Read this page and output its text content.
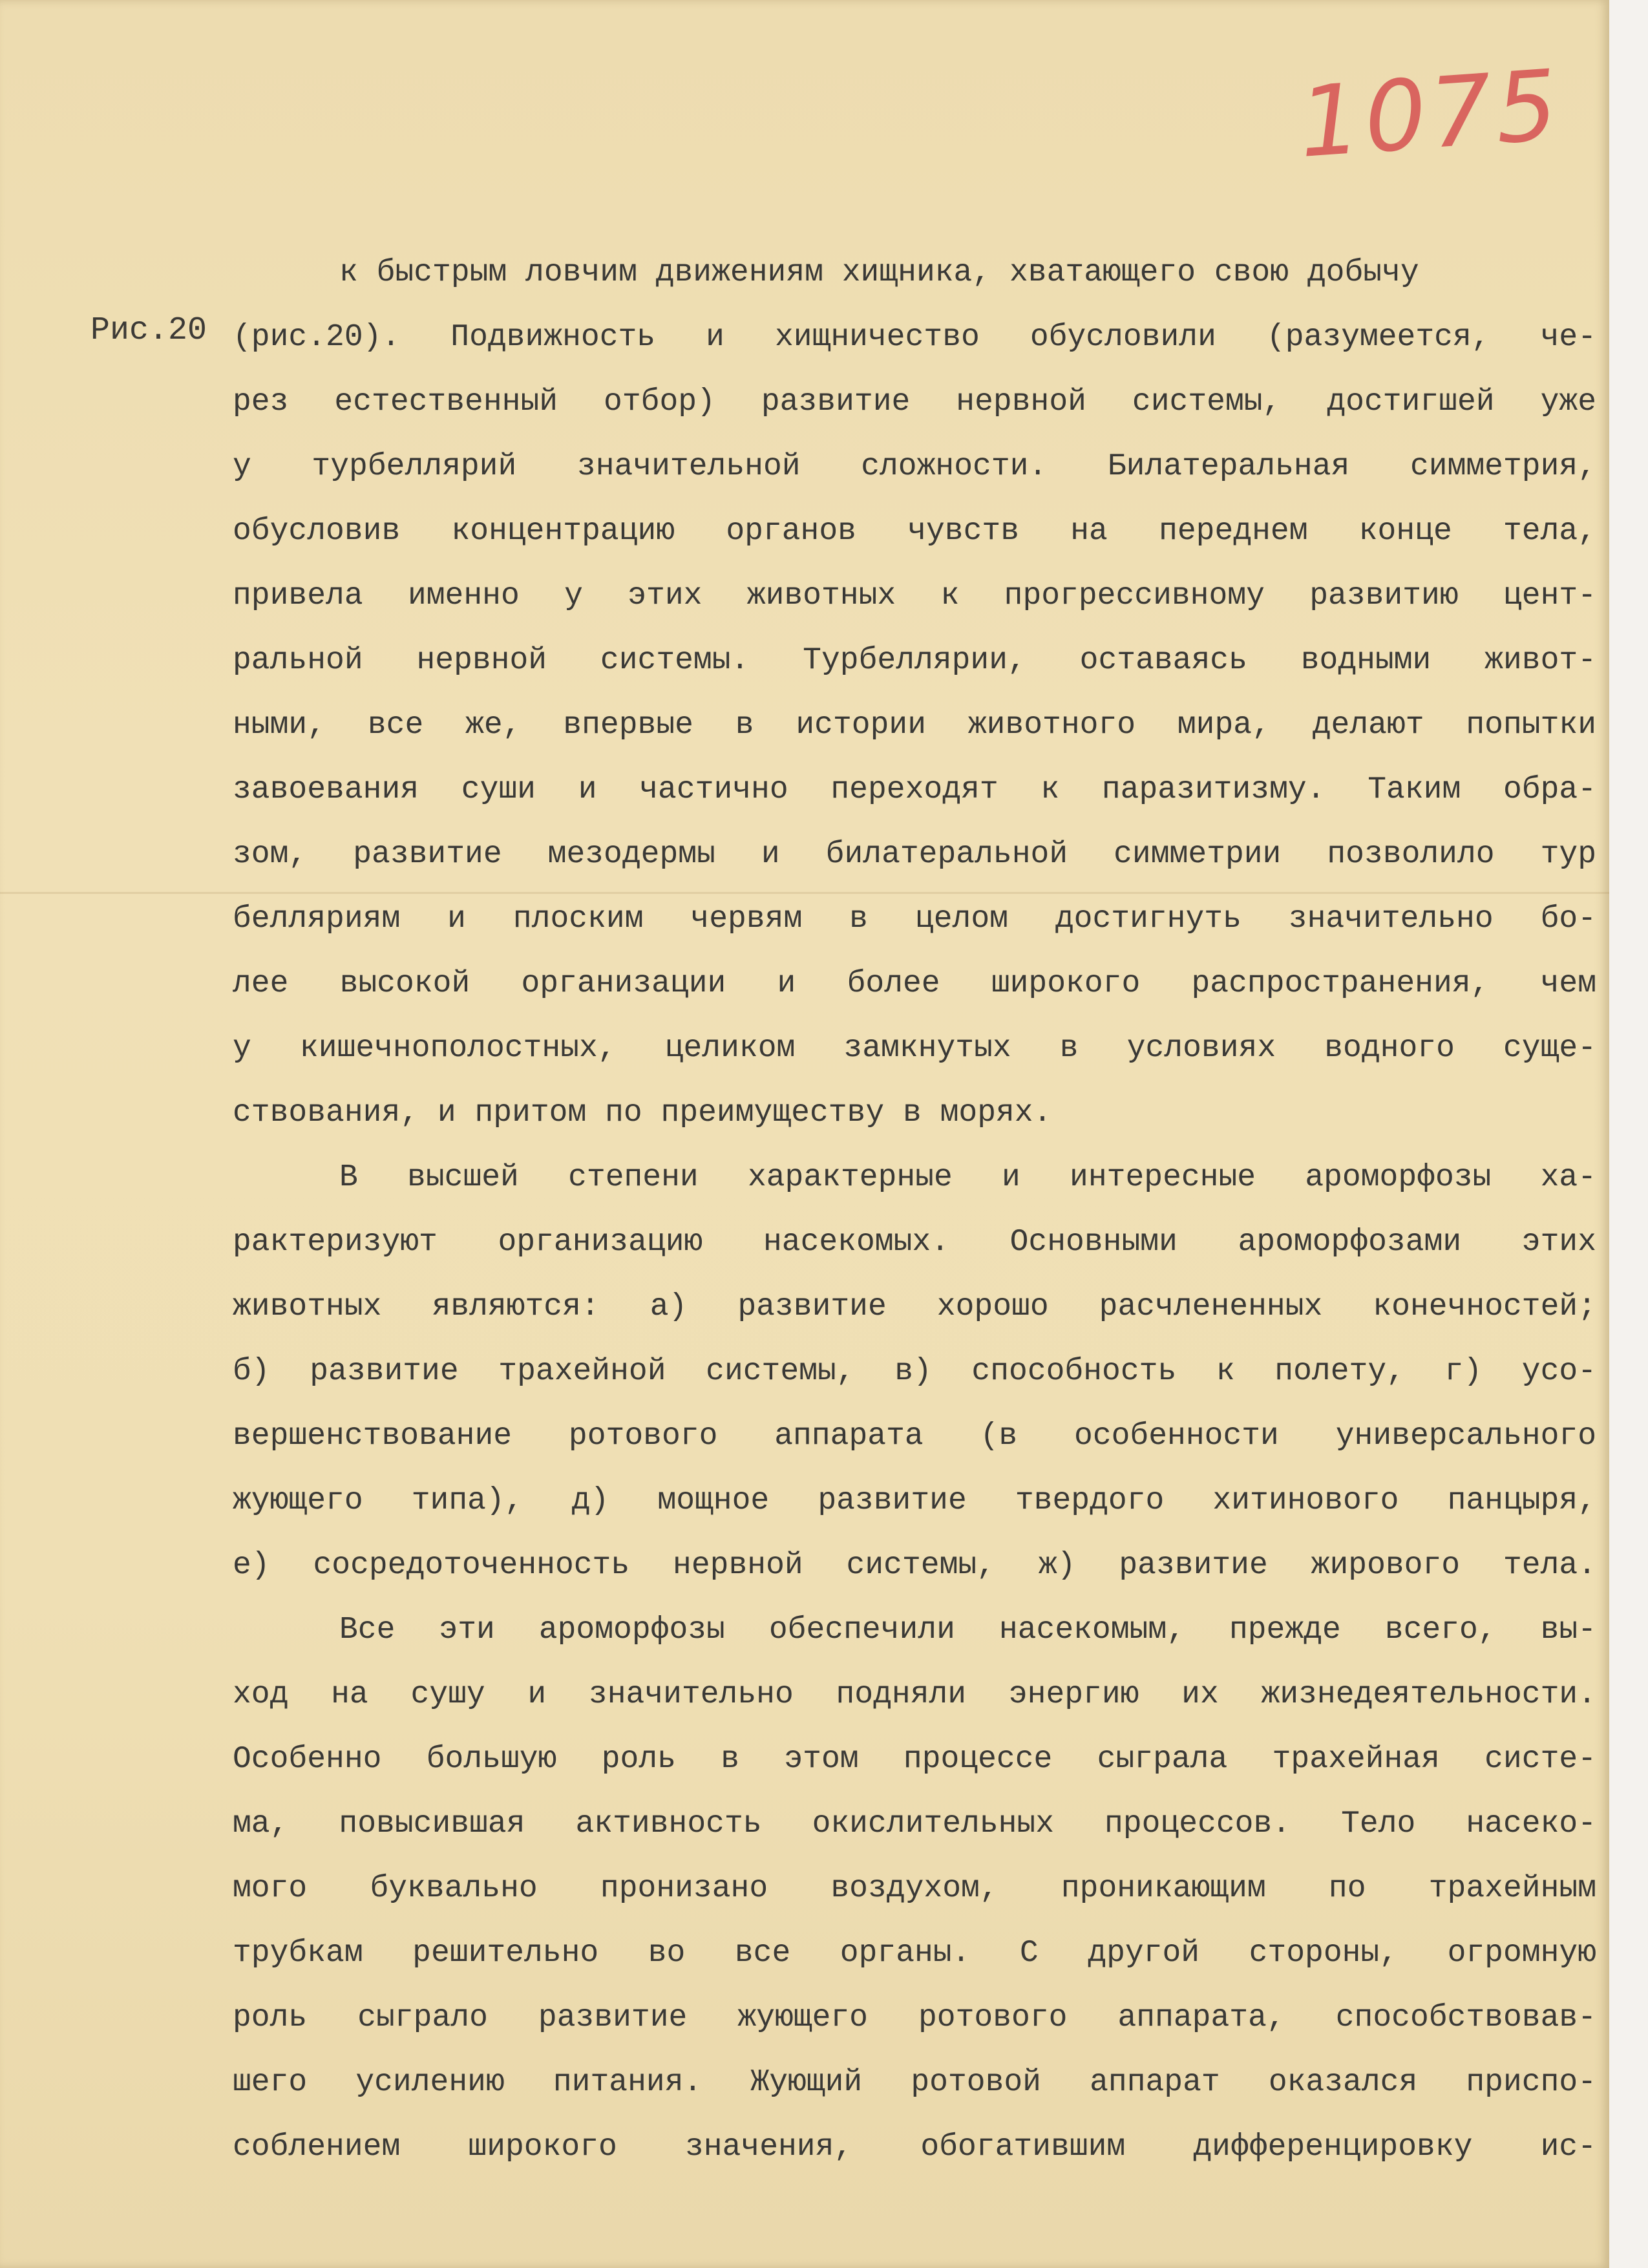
1075

Рис.20

к быстрым ловчим движениям хищника, хватающего свою добычу
(рис.20). Подвижность и хищничество обусловили (разумеется, че-
рез естественный отбор) развитие нервной системы, достигшей уже
у турбеллярий значительной сложности. Билатеральная симметрия,
обусловив концентрацию органов чувств на переднем конце тела,
привела именно у этих животных к прогрессивному развитию цент-
ральной нервной системы. Турбеллярии, оставаясь водными живот-
ными, все же, впервые в истории животного мира, делают попытки
завоевания суши и частично переходят к паразитизму. Таким обра-
зом, развитие мезодермы и билатеральной симметрии позволило тур
белляриям и плоским червям в целом достигнуть значительно бо-
лее высокой организации и более широкого распространения, чем
у кишечнополостных, целиком замкнутых в условиях водного суще-
ствования, и притом по преимуществу в морях.
В высшей степени характерные и интересные ароморфозы ха-
рактеризуют организацию насекомых. Основными ароморфозами этих
животных являются: а) развитие хорошо расчлененных конечностей;
б) развитие трахейной системы, в) способность к полету, г) усо-
вершенствование ротового аппарата (в особенности универсального
жующего типа), д) мощное развитие твердого хитинового панцыря,
е) сосредоточенность нервной системы, ж) развитие жирового тела.
Все эти ароморфозы обеспечили насекомым, прежде всего, вы-
ход на сушу и значительно подняли энергию их жизнедеятельности.
Особенно большую роль в этом процессе сыграла трахейная систе-
ма, повысившая активность окислительных процессов. Тело насеко-
мого буквально пронизано воздухом, проникающим по трахейным
трубкам решительно во все органы. С другой стороны, огромную
роль сыграло развитие жующего ротового аппарата, способствовав-
шего усилению питания. Жующий ротовой аппарат оказался приспо-
соблением широкого значения, обогатившим дифференцировку ис-
